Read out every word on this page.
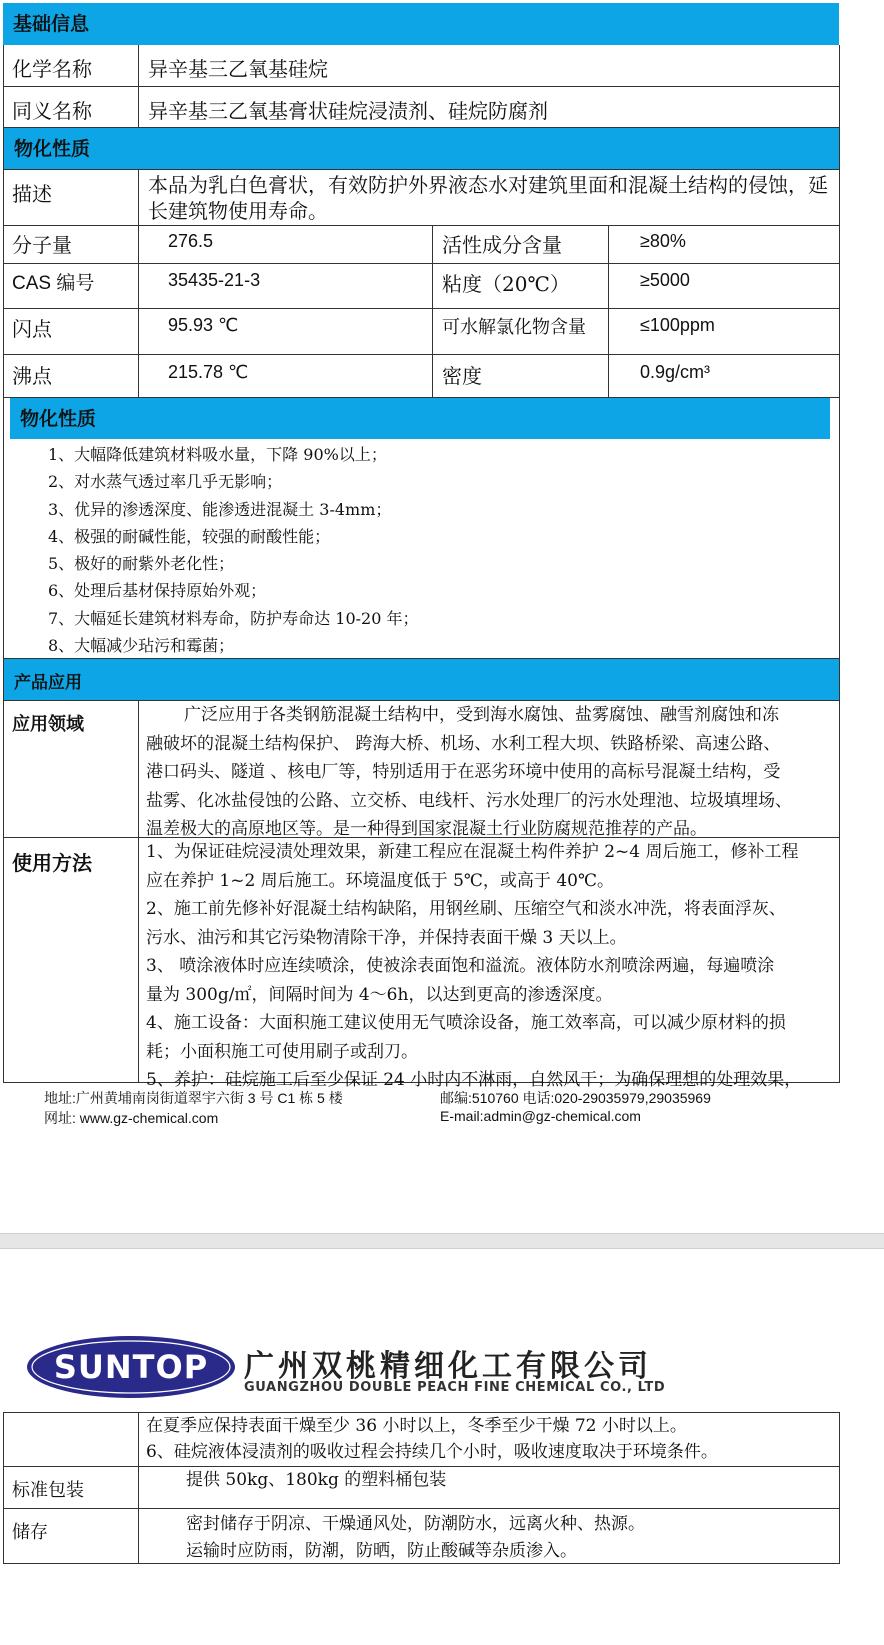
基础信息
化学名称	异辛基三乙氧基硅烷
同义名称	异辛基三乙氧基膏状硅烷浸渍剂、硅烷防腐剂
物化性质
描述	本品为乳白色膏状，有效防护外界液态水对建筑里面和混凝土结构的侵蚀，延长建筑物使用寿命。
分子量	276.5	活性成分含量	≥80%
CAS 编号	35435-21-3	粘度（20℃）	≥5000
闪点	95.93 ℃	可水解氯化物含量	≤100ppm
沸点	215.78 ℃	密度	0.9g/cm³
物化性质
1、大幅降低建筑材料吸水量，下降 90%以上；
2、对水蒸气透过率几乎无影响；
3、优异的渗透深度、能渗透进混凝土 3-4mm；
4、极强的耐碱性能，较强的耐酸性能；
5、极好的耐紫外老化性；
6、处理后基材保持原始外观；
7、大幅延长建筑材料寿命，防护寿命达 10-20 年；
8、大幅减少玷污和霉菌；
产品应用
应用领域	广泛应用于各类钢筋混凝土结构中，受到海水腐蚀、盐雾腐蚀、融雪剂腐蚀和冻
融破坏的混凝土结构保护、 跨海大桥、机场、水利工程大坝、铁路桥梁、高速公路、
港口码头、隧道 、核电厂等，特别适用于在恶劣环境中使用的高标号混凝土结构，受
盐雾、化冰盐侵蚀的公路、立交桥、电线杆、污水处理厂的污水处理池、垃圾填埋场、
温差极大的高原地区等。是一种得到国家混凝土行业防腐规范推荐的产品。
使用方法	1、为保证硅烷浸渍处理效果，新建工程应在混凝土构件养护 2~4 周后施工，修补工程
应在养护 1~2 周后施工。环境温度低于 5℃，或高于 40℃。
2、施工前先修补好混凝土结构缺陷，用钢丝刷、压缩空气和淡水冲洗，将表面浮灰、
污水、油污和其它污染物清除干净，并保持表面干燥 3 天以上。
3、 喷涂液体时应连续喷涂，使被涂表面饱和溢流。液体防水剂喷涂两遍，每遍喷涂
量为 300g/㎡，间隔时间为 4～6h，以达到更高的渗透深度。
4、施工设备：大面积施工建议使用无气喷涂设备，施工效率高，可以减少原材料的损
耗；小面积施工可使用刷子或刮刀。
5、养护：硅烷施工后至少保证 24 小时内不淋雨，自然风干；为确保理想的处理效果，
地址:广州黄埔南岗街道翠宇六街 3 号 C1 栋 5 楼	邮编:510760 电话:020-29035979,29035969
网址: www.gz-chemical.com	E-mail:admin@gz-chemical.com
SUNTOP	广州双桃精细化工有限公司
GUANGZHOU DOUBLE PEACH FINE CHEMICAL CO., LTD
在夏季应保持表面干燥至少 36 小时以上，冬季至少干燥 72 小时以上。
6、硅烷液体浸渍剂的吸收过程会持续几个小时，吸收速度取决于环境条件。
标准包装	提供 50kg、180kg 的塑料桶包装
储存	密封储存于阴凉、干燥通风处，防潮防水，远离火种、热源。
运输时应防雨，防潮，防晒，防止酸碱等杂质渗入。
